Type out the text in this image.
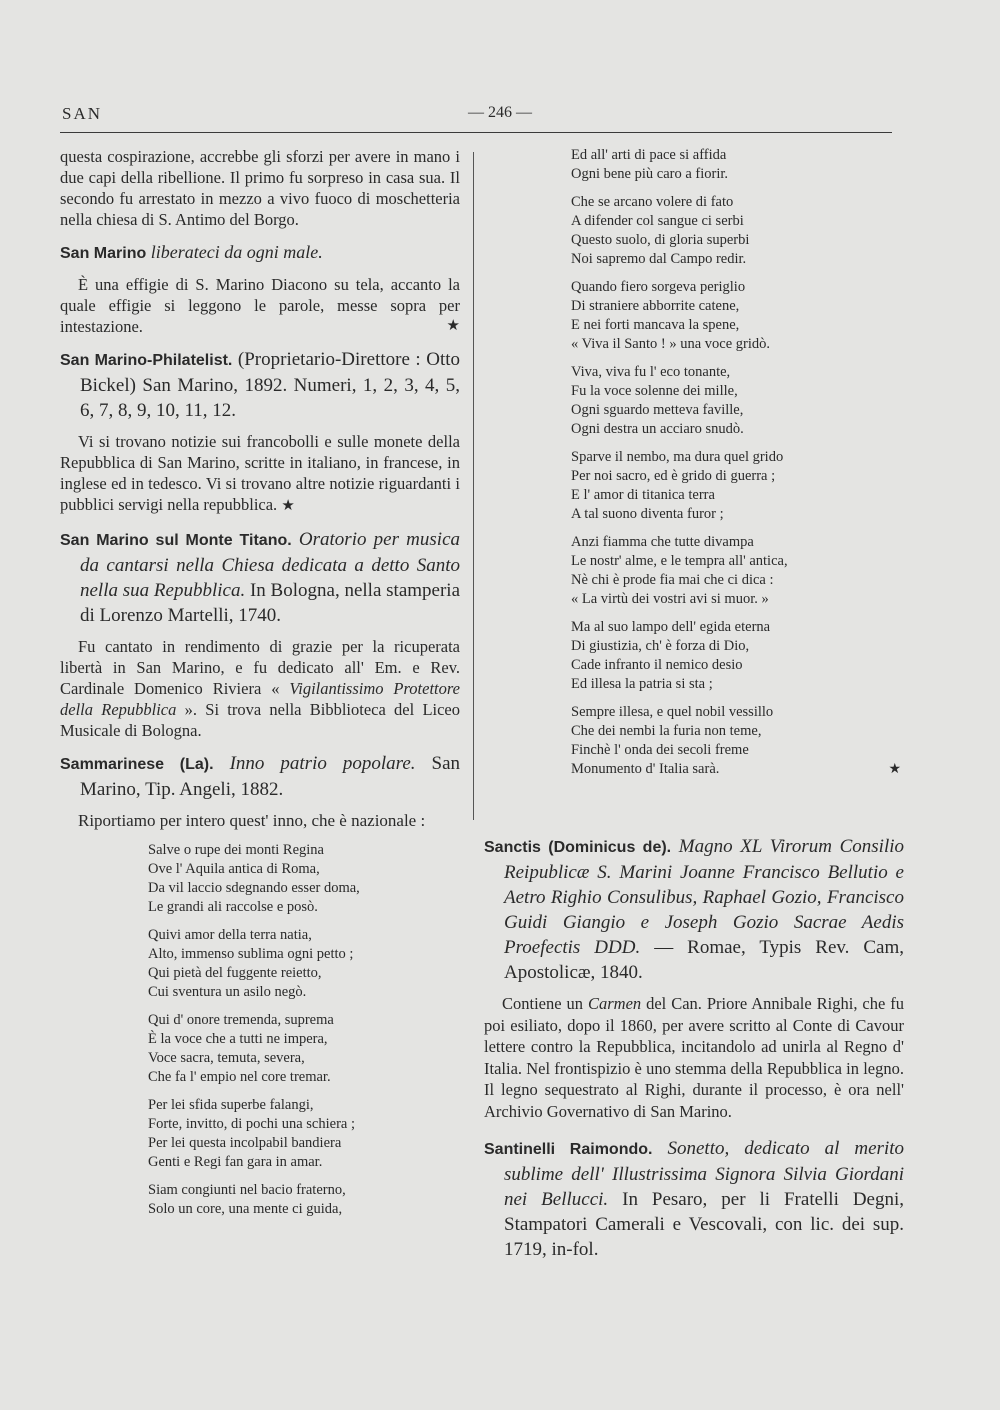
SAN	— 246 —

questa cospirazione, accrebbe gli sforzi per avere in mano i due capi della ribellione. Il primo fu sorpreso in casa sua. Il secondo fu arrestato in mezzo a vivo fuoco di moschetteria nella chiesa di S. Antimo del Borgo.

San Marino liberateci da ogni male.

È una effigie di S. Marino Diacono su tela, accanto la quale effigie si leggono le parole, messe sopra per intestazione.	★

San Marino-Philatelist. (Proprietario-Direttore : Otto Bickel) San Marino, 1892. Numeri, 1, 2, 3, 4, 5, 6, 7, 8, 9, 10, 11, 12.

Vi si trovano notizie sui francobolli e sulle monete della Repubblica di San Marino, scritte in italiano, in francese, in inglese ed in tedesco. Vi si trovano altre notizie riguardanti i pubblici servigi nella repubblica. ★

San Marino sul Monte Titano. Oratorio per musica da cantarsi nella Chiesa dedicata a detto Santo nella sua Repubblica. In Bologna, nella stamperia di Lorenzo Martelli, 1740.

Fu cantato in rendimento di grazie per la ricuperata libertà in San Marino, e fu dedicato all' Em. e Rev. Cardinale Domenico Riviera « Vigilantissimo Protettore della Repubblica ». Si trova nella Bibblioteca del Liceo Musicale di Bologna.

Sammarinese (La). Inno patrio popolare. San Marino, Tip. Angeli, 1882.

Riportiamo per intero quest' inno, che è nazionale :

Salve o rupe dei monti Regina
Ove l' Aquila antica di Roma,
Da vil laccio sdegnando esser doma,
Le grandi ali raccolse e posò.
Quivi amor della terra natia,
Alto, immenso sublima ogni petto ;
Qui pietà del fuggente reietto,
Cui sventura un asilo negò.
Qui d' onore tremenda, suprema
È la voce che a tutti ne impera,
Voce sacra, temuta, severa,
Che fa l' empio nel core tremar.
Per lei sfida superbe falangi,
Forte, invitto, di pochi una schiera ;
Per lei questa incolpabil bandiera
Genti e Regi fan gara in amar.
Siam congiunti nel bacio fraterno,
Solo un core, una mente ci guida,
Ed all' arti di pace si affida
Ogni bene più caro a fiorir.
Che se arcano volere di fato
A difender col sangue ci serbi
Questo suolo, di gloria superbi
Noi sapremo dal Campo redir.
Quando fiero sorgeva periglio
Di straniere abborrite catene,
E nei forti mancava la spene,
« Viva il Santo ! » una voce gridò.
Viva, viva fu l' eco tonante,
Fu la voce solenne dei mille,
Ogni sguardo metteva faville,
Ogni destra un acciaro snudò.
Sparve il nembo, ma dura quel grido
Per noi sacro, ed è grido di guerra ;
E l' amor di titanica terra
A tal suono diventa furor ;
Anzi fiamma che tutte divampa
Le nostr' alme, e le tempra all' antica,
Nè chi è prode fia mai che ci dica :
« La virtù dei vostri avi si muor. »
Ma al suo lampo dell' egida eterna
Di giustizia, ch' è forza di Dio,
Cade infranto il nemico desio
Ed illesa la patria si sta ;
Sempre illesa, e quel nobil vessillo
Che dei nembi la furia non teme,
Finchè l' onda dei secoli freme
Monumento d' Italia sarà.	★

Sanctis (Dominicus de). Magno XL Virorum Consilio Reipublicæ S. Marini Joanne Francisco Bellutio e Aetro Righio Consulibus, Raphael Gozio, Francisco Guidi Giangio e Joseph Gozio Sacrae Aedis Proefectis DDD. — Romae, Typis Rev. Cam, Apostolicæ, 1840.

Contiene un Carmen del Can. Priore Annibale Righi, che fu poi esiliato, dopo il 1860, per avere scritto al Conte di Cavour lettere contro la Repubblica, incitandolo ad unirla al Regno d' Italia. Nel frontispizio è uno stemma della Repubblica in legno. Il legno sequestrato al Righi, durante il processo, è ora nell' Archivio Governativo di San Marino.

Santinelli Raimondo. Sonetto, dedicato al merito sublime dell' Illustrissima Signora Silvia Giordani nei Bellucci. In Pesaro, per li Fratelli Degni, Stampatori Camerali e Vescovali, con lic. dei sup. 1719, in-fol.
